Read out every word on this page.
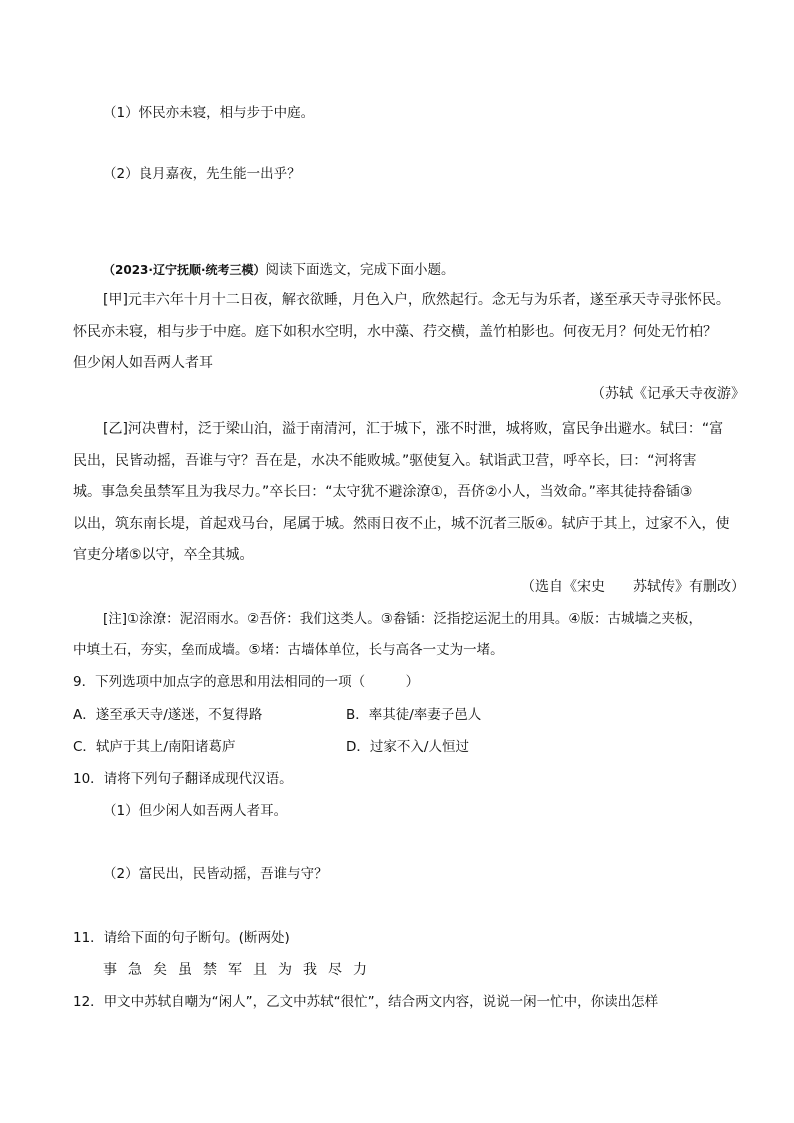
（1）怀民亦未寝，相与步于中庭。
（2）良月嘉夜，先生能一出乎？
（2023·辽宁抚顺·统考三模）阅读下面选文，完成下面小题。
[甲]元丰六年十月十二日夜，解衣欲睡，月色入户，欣然起行。念无与为乐者，遂至承天寺寻张怀民。
怀民亦未寝，相与步于中庭。庭下如积水空明，水中藻、荇交横，盖竹柏影也。何夜无月？何处无竹柏？
但少闲人如吾两人者耳
（苏轼《记承天寺夜游》
[乙]河决曹村，泛于梁山泊，溢于南清河，汇于城下，涨不时泄，城将败，富民争出避水。轼曰：“富
民出，民皆动摇，吾谁与守？吾在是，水决不能败城。”驱使复入。轼诣武卫营，呼卒长，曰：“河将害
城。事急矣虽禁军且为我尽力。”卒长曰：“太守犹不避涂潦①，吾侪②小人，当效命。”率其徒持畚锸③
以出，筑东南长堤，首起戏马台，尾属于城。然雨日夜不止，城不沉者三版④。轼庐于其上，过家不入，使
官吏分堵⑤以守，卒全其城。
（选自《宋史　　苏轼传》有删改）
[注]①涂潦：泥沼雨水。②吾侪：我们这类人。③畚锸：泛指挖运泥土的用具。④版：古城墙之夹板，
中填土石，夯实，垒而成墙。⑤堵：古墙体单位，长与高各一丈为一堵。
9．下列选项中加点字的意思和用法相同的一项（　　　）
A．遂至承天寺/遂迷，不复得路	B．率其徒/率妻子邑人
C．轼庐于其上/南阳诸葛庐	D．过家不入/人恒过
10．请将下列句子翻译成现代汉语。
（1）但少闲人如吾两人者耳。
（2）富民出，民皆动摇，吾谁与守？
11．请给下面的句子断句。(断两处)
事急矣虽禁军且为我尽力
12．甲文中苏轼自嘲为“闲人”，乙文中苏轼“很忙”，结合两文内容，说说一闲一忙中，你读出怎样
